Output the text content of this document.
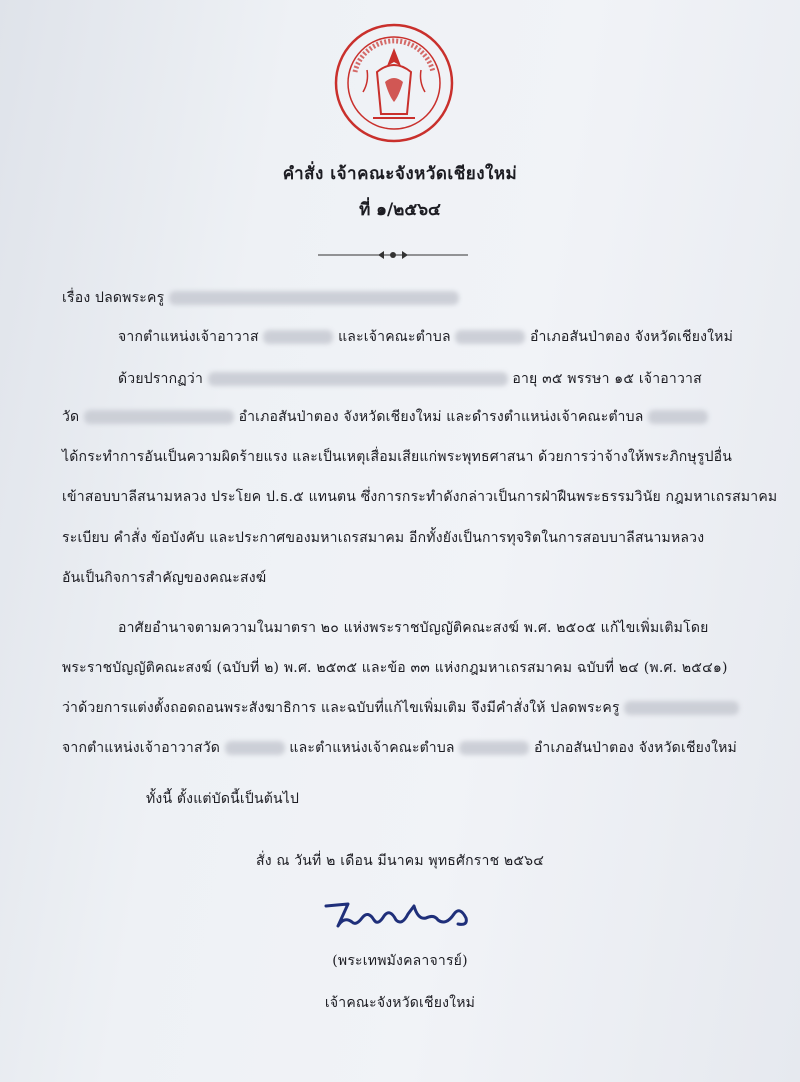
คำสั่ง เจ้าคณะจังหวัดเชียงใหม่
ที่ ๑/๒๕๖๔
เรื่อง ปลดพระครู
จากตำแหน่งเจ้าอาวาส	และเจ้าคณะตำบล	อำเภอสันป่าตอง จังหวัดเชียงใหม่
ด้วยปรากฏว่า	อายุ ๓๕ พรรษา ๑๕ เจ้าอาวาส
วัด	อำเภอสันป่าตอง จังหวัดเชียงใหม่ และดำรงตำแหน่งเจ้าคณะตำบล
ได้กระทำการอันเป็นความผิดร้ายแรง และเป็นเหตุเสื่อมเสียแก่พระพุทธศาสนา ด้วยการว่าจ้างให้พระภิกษุรูปอื่น
เข้าสอบบาลีสนามหลวง ประโยค ป.ธ.๕ แทนตน ซึ่งการกระทำดังกล่าวเป็นการฝ่าฝืนพระธรรมวินัย กฎมหาเถรสมาคม
ระเบียบ คำสั่ง ข้อบังคับ และประกาศของมหาเถรสมาคม อีกทั้งยังเป็นการทุจริตในการสอบบาลีสนามหลวง
อันเป็นกิจการสำคัญของคณะสงฆ์
อาศัยอำนาจตามความในมาตรา ๒๐ แห่งพระราชบัญญัติคณะสงฆ์ พ.ศ. ๒๕๐๕ แก้ไขเพิ่มเติมโดย
พระราชบัญญัติคณะสงฆ์ (ฉบับที่ ๒) พ.ศ. ๒๕๓๕ และข้อ ๓๓ แห่งกฎมหาเถรสมาคม ฉบับที่ ๒๔ (พ.ศ. ๒๕๔๑)
ว่าด้วยการแต่งตั้งถอดถอนพระสังฆาธิการ และฉบับที่แก้ไขเพิ่มเติม จึงมีคำสั่งให้ ปลดพระครู
จากตำแหน่งเจ้าอาวาสวัด	และตำแหน่งเจ้าคณะตำบล	อำเภอสันป่าตอง จังหวัดเชียงใหม่
ทั้งนี้ ตั้งแต่บัดนี้เป็นต้นไป
สั่ง ณ วันที่ ๒ เดือน มีนาคม พุทธศักราช ๒๕๖๔
(พระเทพมังคลาจารย์)
เจ้าคณะจังหวัดเชียงใหม่
